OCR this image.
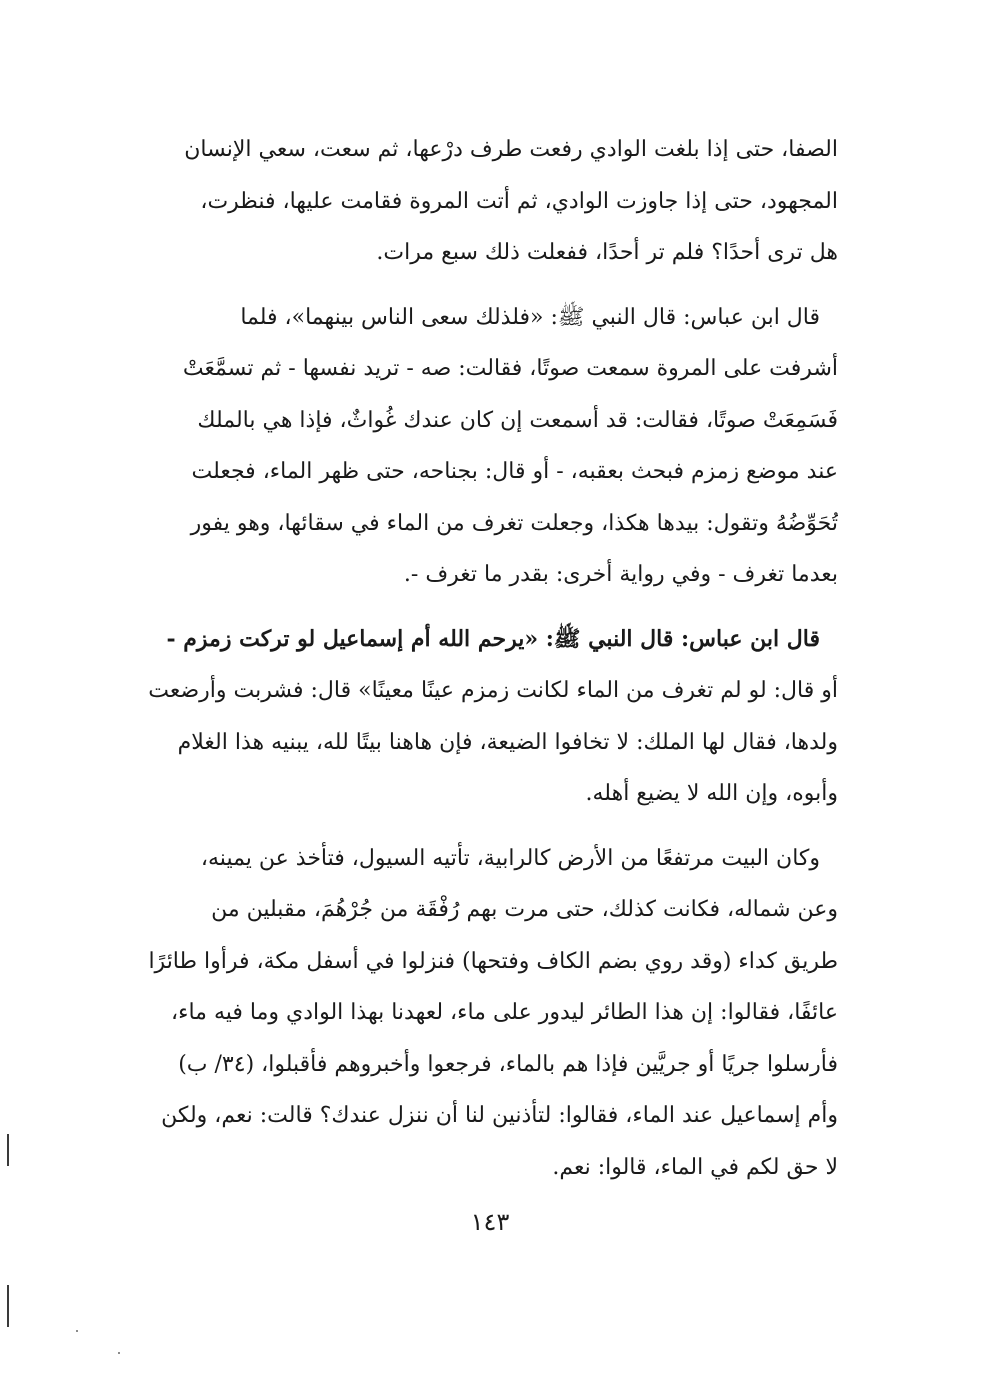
الصفا، حتى إذا بلغت الوادي رفعت طرف درْعها، ثم سعت، سعي الإنسان
المجهود، حتى إذا جاوزت الوادي، ثم أتت المروة فقامت عليها، فنظرت،
هل ترى أحدًا؟ فلم تر أحدًا، ففعلت ذلك سبع مرات.
قال ابن عباس: قال النبي ﷺ: «فلذلك سعى الناس بينهما»، فلما
أشرفت على المروة سمعت صوتًا، فقالت: صه - تريد نفسها - ثم تسمَّعَتْ
فَسَمِعَتْ صوتًا، فقالت: قد أسمعت إن كان عندك غُواثٌ، فإذا هي بالملك
عند موضع زمزم فبحث بعقبه، - أو قال: بجناحه، حتى ظهر الماء، فجعلت
تُحَوِّضُهُ وتقول: بيدها هكذا، وجعلت تغرف من الماء في سقائها، وهو يفور
بعدما تغرف - وفي رواية أخرى: بقدر ما تغرف -.
قال ابن عباس: قال النبي ﷺ: «يرحم الله أم إسماعيل لو تركت زمزم -
أو قال: لو لم تغرف من الماء لكانت زمزم عينًا معينًا» قال: فشربت وأرضعت
ولدها، فقال لها الملك: لا تخافوا الضيعة، فإن هاهنا بيتًا لله، يبنيه هذا الغلام
وأبوه، وإن الله لا يضيع أهله.
وكان البيت مرتفعًا من الأرض كالرابية، تأتيه السيول، فتأخذ عن يمينه،
وعن شماله، فكانت كذلك، حتى مرت بهم رُفْقَة من جُرْهُمَ، مقبلين من
طريق كداء (وقد روي بضم الكاف وفتحها) فنزلوا في أسفل مكة، فرأوا طائرًا
عائفًا، فقالوا: إن هذا الطائر ليدور على ماء، لعهدنا بهذا الوادي وما فيه ماء،
فأرسلوا جريًا أو جريَّين فإذا هم بالماء، فرجعوا وأخبروهم فأقبلوا، (٣٤/ ب)
وأم إسماعيل عند الماء، فقالوا: لتأذنين لنا أن ننزل عندك؟ قالت: نعم، ولكن
لا حق لكم في الماء، قالوا: نعم.
١٤٣
